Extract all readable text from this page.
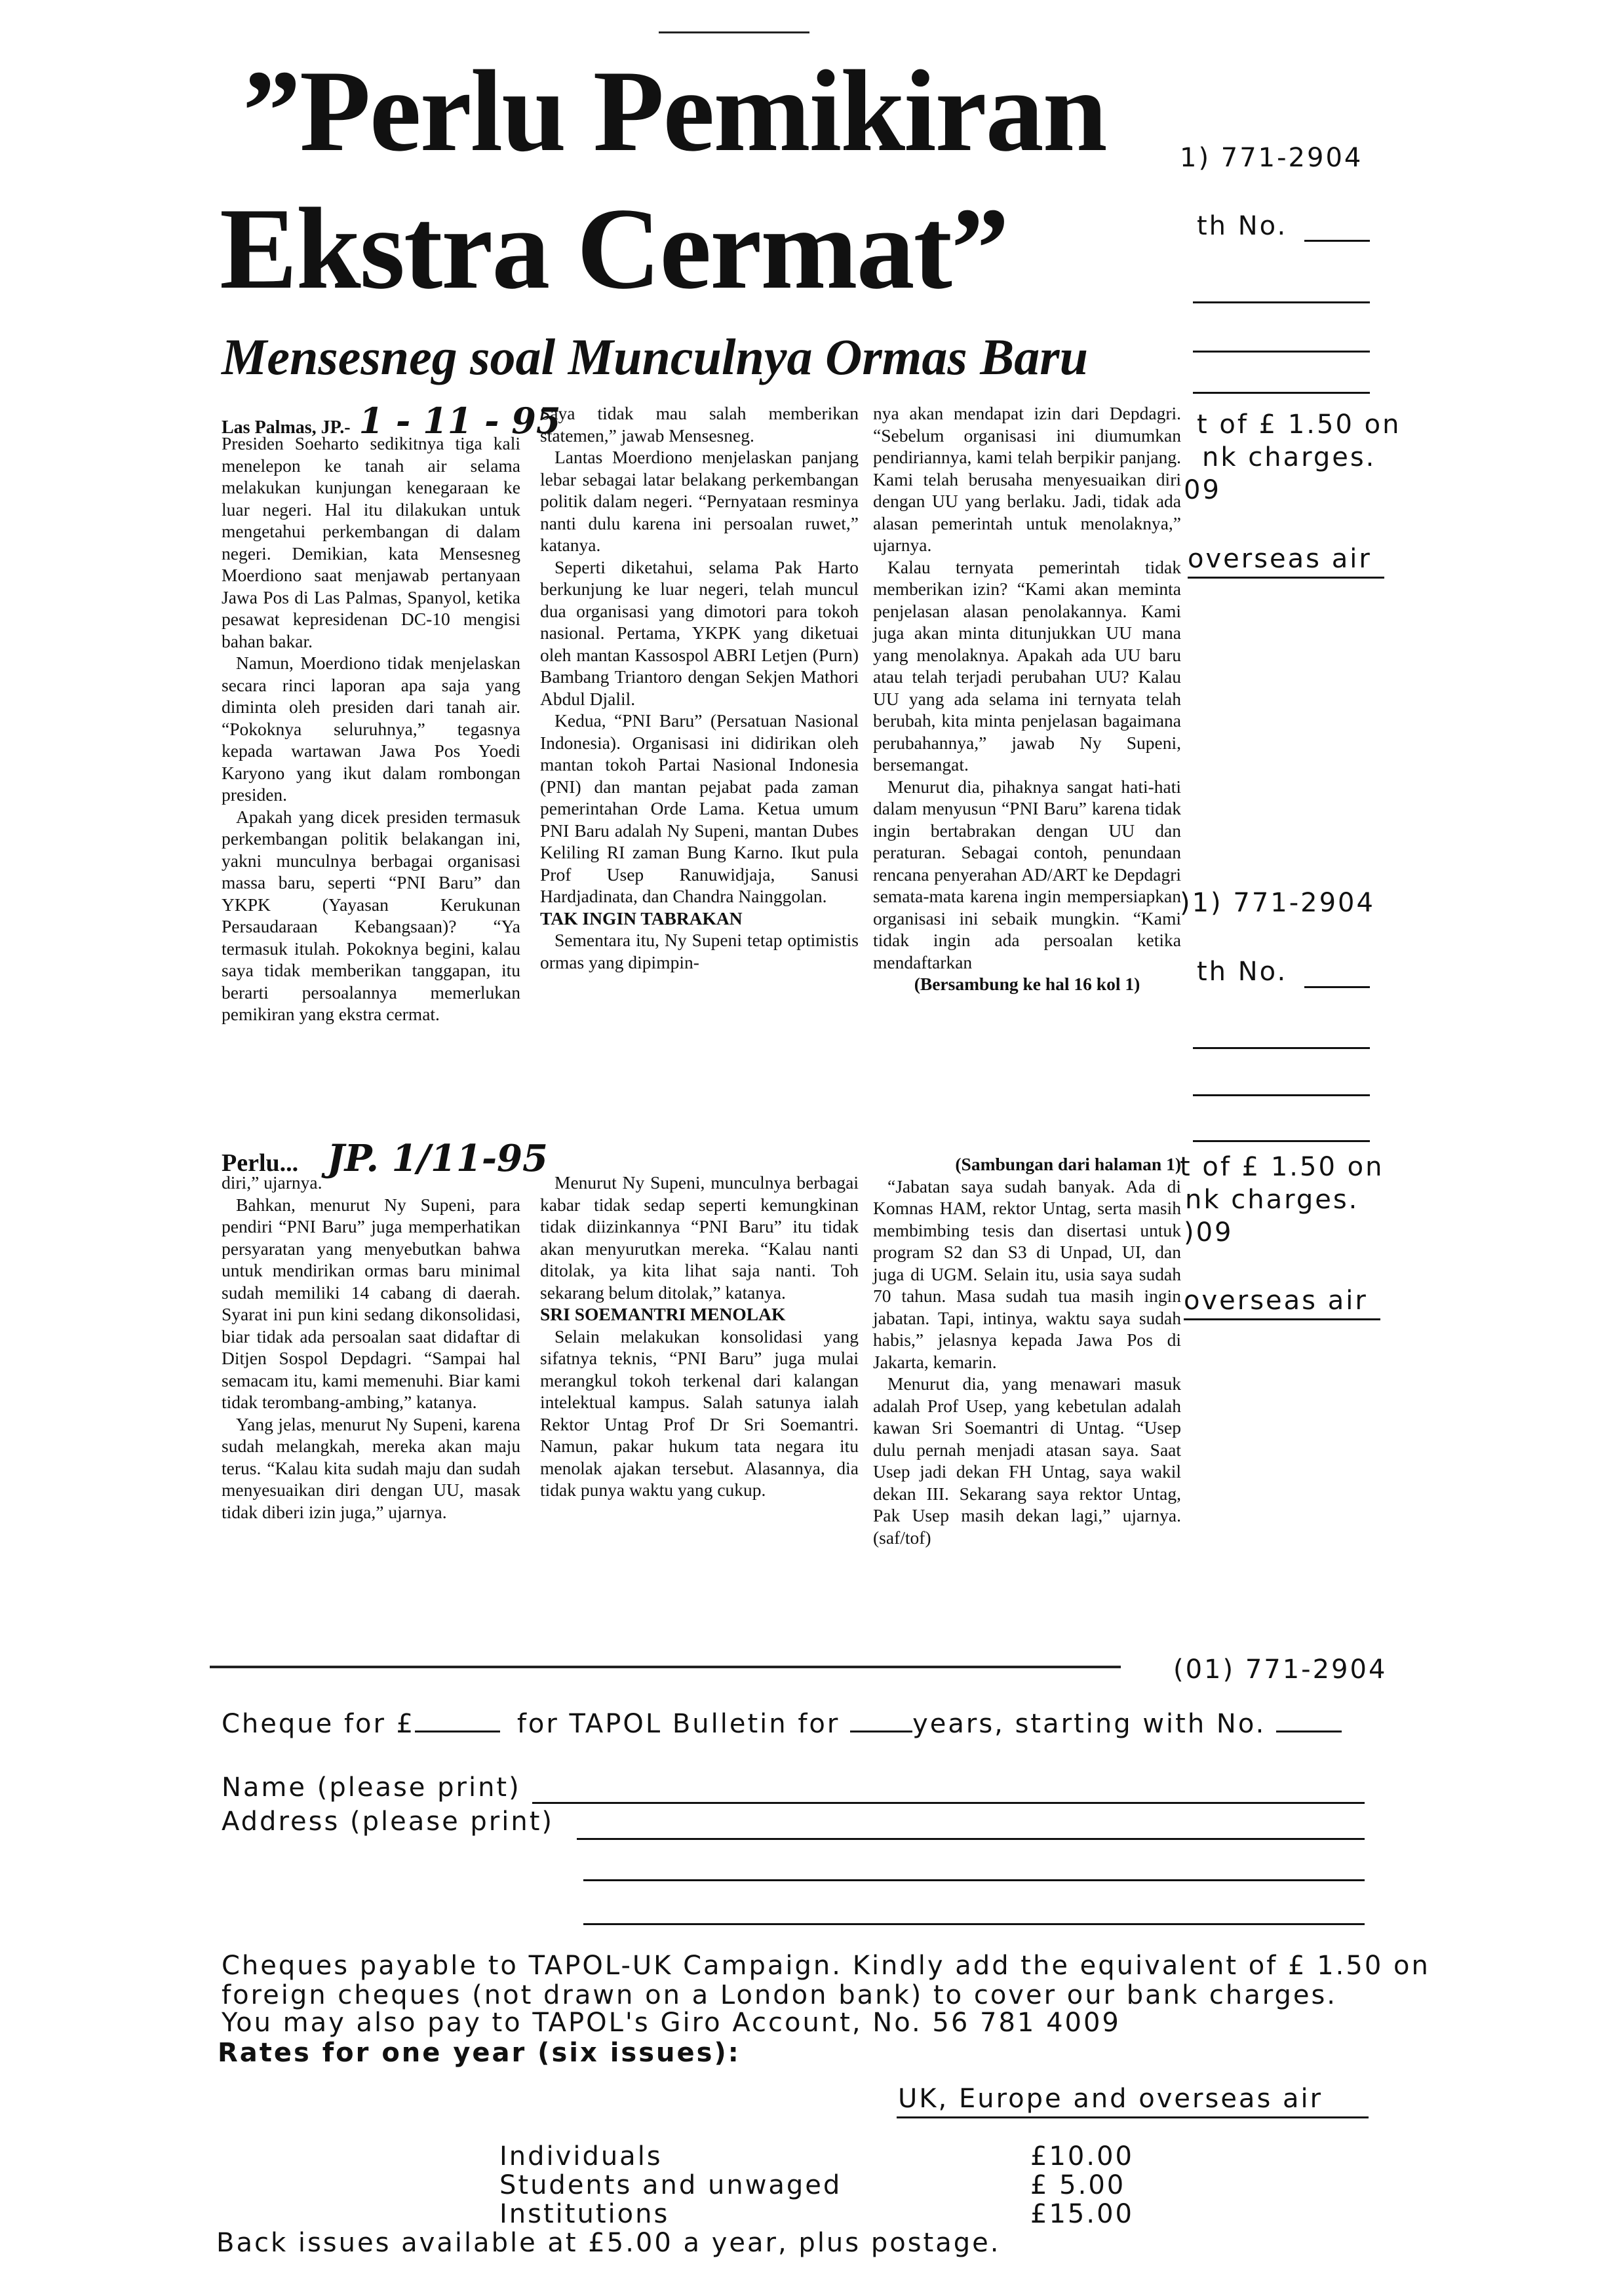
”Perlu Pemikiran
Ekstra Cermat”
Mensesneg soal Munculnya Ormas Baru
Las Palmas, JP.- 1 - 11 - 95

Presiden Soeharto sedikitnya tiga kali menelepon ke tanah air selama melakukan kunjungan kenegaraan ke luar negeri. Hal itu dilakukan untuk mengetahui perkembangan di dalam negeri. Demikian, kata Mensesneg Moerdiono saat menjawab pertanyaan Jawa Pos di Las Palmas, Spanyol, ketika pesawat kepresidenan DC-10 mengisi bahan bakar.

Namun, Moerdiono tidak menjelaskan secara rinci laporan apa saja yang diminta oleh presiden dari tanah air. “Pokoknya seluruhnya,” tegasnya kepada wartawan Jawa Pos Yoedi Karyono yang ikut dalam rombongan presiden.

Apakah yang dicek presiden termasuk perkembangan politik belakangan ini, yakni munculnya berbagai organisasi massa baru, seperti “PNI Baru” dan YKPK (Yayasan Kerukunan Persaudaraan Kebangsaan)? “Ya termasuk itulah. Pokoknya begini, kalau saya tidak memberikan tanggapan, itu berarti persoalannya memerlukan pemikiran yang ekstra cermat.

Saya tidak mau salah memberikan statemen,” jawab Mensesneg.

Lantas Moerdiono menjelaskan panjang lebar sebagai latar belakang perkembangan politik dalam negeri. “Pernyataan resminya nanti dulu karena ini persoalan ruwet,” katanya.

Seperti diketahui, selama Pak Harto berkunjung ke luar negeri, telah muncul dua organisasi yang dimotori para tokoh nasional. Pertama, YKPK yang diketuai oleh mantan Kassospol ABRI Letjen (Purn) Bambang Triantoro dengan Sekjen Mathori Abdul Djalil.

Kedua, “PNI Baru” (Persatuan Nasional Indonesia). Organisasi ini didirikan oleh mantan tokoh Partai Nasional Indonesia (PNI) dan mantan pejabat pada zaman pemerintahan Orde Lama. Ketua umum PNI Baru adalah Ny Supeni, mantan Dubes Keliling RI zaman Bung Karno. Ikut pula Prof Usep Ranuwidjaja, Sanusi Hardjadinata, dan Chandra Nainggolan.

TAK INGIN TABRAKAN

Sementara itu, Ny Supeni tetap optimistis ormas yang dipimpin-

nya akan mendapat izin dari Depdagri. “Sebelum organisasi ini diumumkan pendiriannya, kami telah berpikir panjang. Kami telah berusaha menyesuaikan diri dengan UU yang berlaku. Jadi, tidak ada alasan pemerintah untuk menolaknya,” ujarnya.

Kalau ternyata pemerintah tidak memberikan izin? “Kami akan meminta penjelasan alasan penolakannya. Kami juga akan minta ditunjukkan UU mana yang menolaknya. Apakah ada UU baru atau telah terjadi perubahan UU? Kalau UU yang ada selama ini ternyata telah berubah, kita minta penjelasan bagaimana perubahannya,” jawab Ny Supeni, bersemangat.

Menurut dia, pihaknya sangat hati-hati dalam menyusun “PNI Baru” karena tidak ingin bertabrakan dengan UU dan peraturan. Sebagai contoh, penundaan rencana penyerahan AD/ART ke Depdagri semata-mata karena ingin mempersiapkan organisasi ini sebaik mungkin. “Kami tidak ingin ada persoalan ketika mendaftarkan

(Bersambung ke hal 16 kol 1)

Perlu... JP. 1/11-95

diri,” ujarnya.

Bahkan, menurut Ny Supeni, para pendiri “PNI Baru” juga memperhatikan persyaratan yang menyebutkan bahwa untuk mendirikan ormas baru minimal sudah memiliki 14 cabang di daerah. Syarat ini pun kini sedang dikonsolidasi, biar tidak ada persoalan saat didaftar di Ditjen Sospol Depdagri. “Sampai hal semacam itu, kami memenuhi. Biar kami tidak terombang-ambing,” katanya.

Yang jelas, menurut Ny Supeni, karena sudah melangkah, mereka akan maju terus. “Kalau kita sudah maju dan sudah menyesuaikan diri dengan UU, masak tidak diberi izin juga,” ujarnya.

Menurut Ny Supeni, munculnya berbagai kabar tidak sedap seperti kemungkinan tidak diizinkannya “PNI Baru” itu tidak akan menyurutkan mereka. “Kalau nanti ditolak, ya kita lihat saja nanti. Toh sekarang belum ditolak,” katanya.

SRI SOEMANTRI MENOLAK

Selain melakukan konsolidasi yang sifatnya teknis, “PNI Baru” juga mulai merangkul tokoh terkenal dari kalangan intelektual kampus. Salah satunya ialah Rektor Untag Prof Dr Sri Soemantri. Namun, pakar hukum tata negara itu menolak ajakan tersebut. Alasannya, dia tidak punya waktu yang cukup.

(Sambungan dari halaman 1)

“Jabatan saya sudah banyak. Ada di Komnas HAM, rektor Untag, serta masih membimbing tesis dan disertasi untuk program S2 dan S3 di Unpad, UI, dan juga di UGM. Selain itu, usia saya sudah 70 tahun. Masa sudah tua masih ingin jabatan. Tapi, intinya, waktu saya sudah habis,” jelasnya kepada Jawa Pos di Jakarta, kemarin.

Menurut dia, yang menawari masuk adalah Prof Usep, yang kebetulan adalah kawan Sri Soemantri di Untag. “Usep dulu pernah menjadi atasan saya. Saat Usep jadi dekan FH Untag, saya wakil dekan III. Sekarang saya rektor Untag, Pak Usep masih dekan lagi,” ujarnya. (saf/tof)

1) 771-2904
th No.
t of £ 1.50 on
nk charges.
09
overseas air
)1) 771-2904
th No.
t of £ 1.50 on
nk charges.
)09
overseas air
(01) 771-2904
Cheque for £	for TAPOL Bulletin for	years, starting with No.
Name (please print)
Address (please print)
Cheques payable to TAPOL-UK Campaign. Kindly add the equivalent of £ 1.50 on
foreign cheques (not drawn on a London bank) to cover our bank charges.
You may also pay to TAPOL's Giro Account, No. 56 781 4009
Rates for one year (six issues):
UK, Europe and overseas air
Individuals	£10.00
Students and unwaged	£ 5.00
Institutions	£15.00
Back issues available at £5.00 a year, plus postage.
